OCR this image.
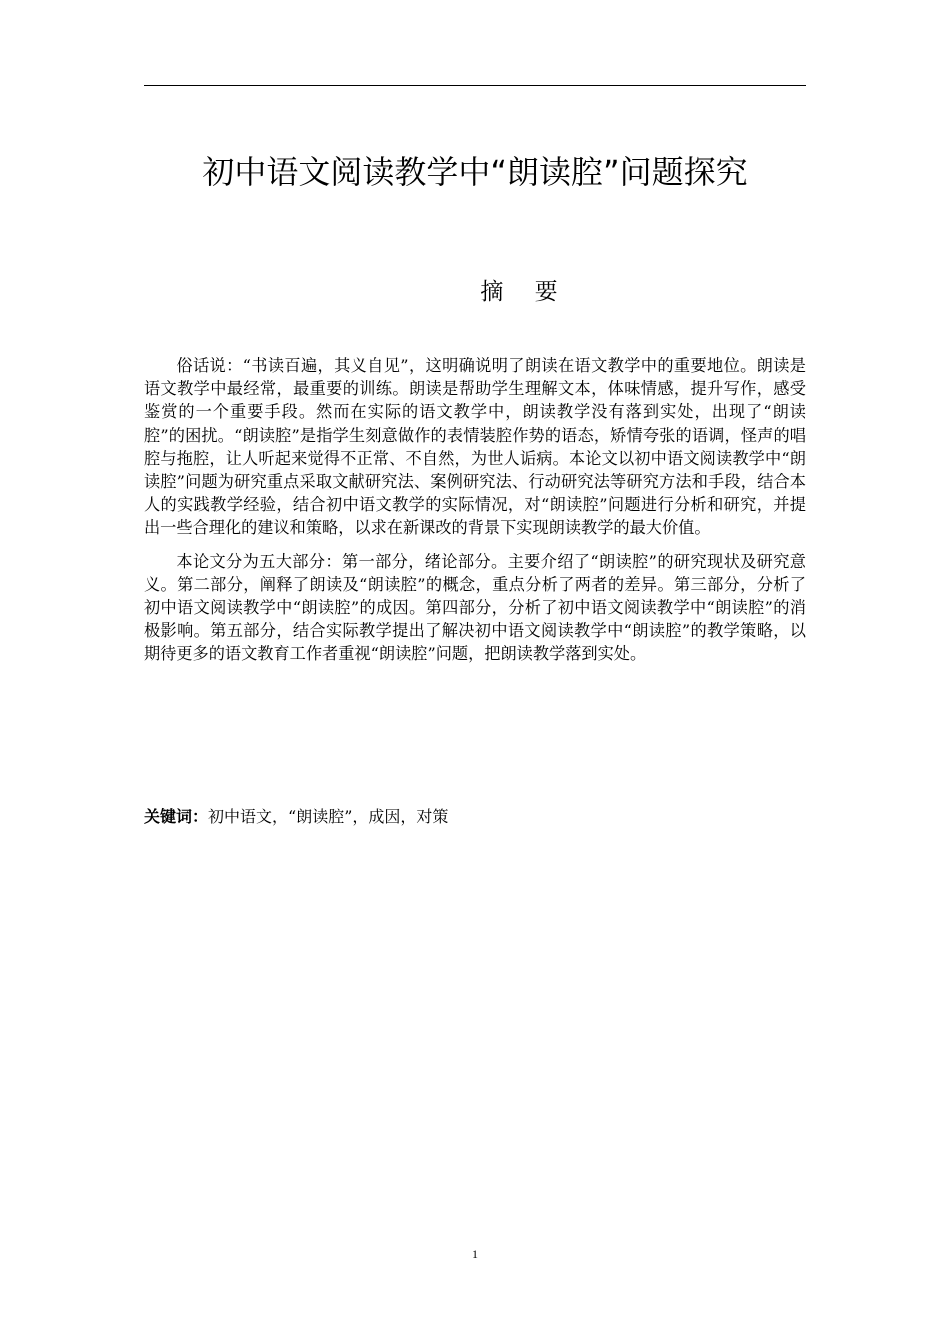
初中语文阅读教学中“朗读腔”问题探究
摘 要

俗话说：“书读百遍，其义自见”，这明确说明了朗读在语文教学中的重要地位。朗读是语文教学中最经常，最重要的训练。朗读是帮助学生理解文本，体味情感，提升写作，感受鉴赏的一个重要手段。然而在实际的语文教学中，朗读教学没有落到实处，出现了“朗读腔”的困扰。“朗读腔”是指学生刻意做作的表情装腔作势的语态，矫情夸张的语调，怪声的唱腔与拖腔，让人听起来觉得不正常、不自然，为世人诟病。本论文以初中语文阅读教学中“朗读腔”问题为研究重点采取文献研究法、案例研究法、行动研究法等研究方法和手段，结合本人的实践教学经验，结合初中语文教学的实际情况，对“朗读腔”问题进行分析和研究，并提出一些合理化的建议和策略，以求在新课改的背景下实现朗读教学的最大价值。

本论文分为五大部分：第一部分，绪论部分。主要介绍了“朗读腔”的研究现状及研究意义。第二部分，阐释了朗读及“朗读腔”的概念，重点分析了两者的差异。第三部分，分析了初中语文阅读教学中“朗读腔”的成因。第四部分，分析了初中语文阅读教学中“朗读腔”的消极影响。第五部分，结合实际教学提出了解决初中语文阅读教学中“朗读腔”的教学策略，以期待更多的语文教育工作者重视“朗读腔”问题，把朗读教学落到实处。

关键词：初中语文，“朗读腔”，成因，对策
1
